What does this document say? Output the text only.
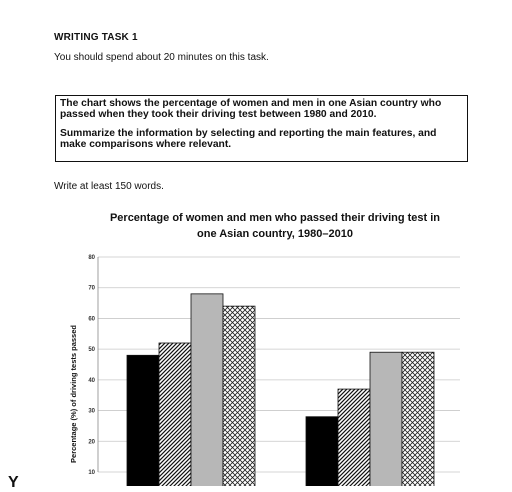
WRITING TASK 1
You should spend about 20 minutes on this task.

The chart shows the percentage of women and men in one Asian country who passed when they took their driving test between 1980 and 2010.

Summarize the information by selecting and reporting the main features, and make comparisons where relevant.

Write at least 150 words.
Percentage of women and men who passed their driving test in one Asian country, 1980–2010
10
20
30
40
50
60
70
80
Percentage (%) of driving tests passed
Y
